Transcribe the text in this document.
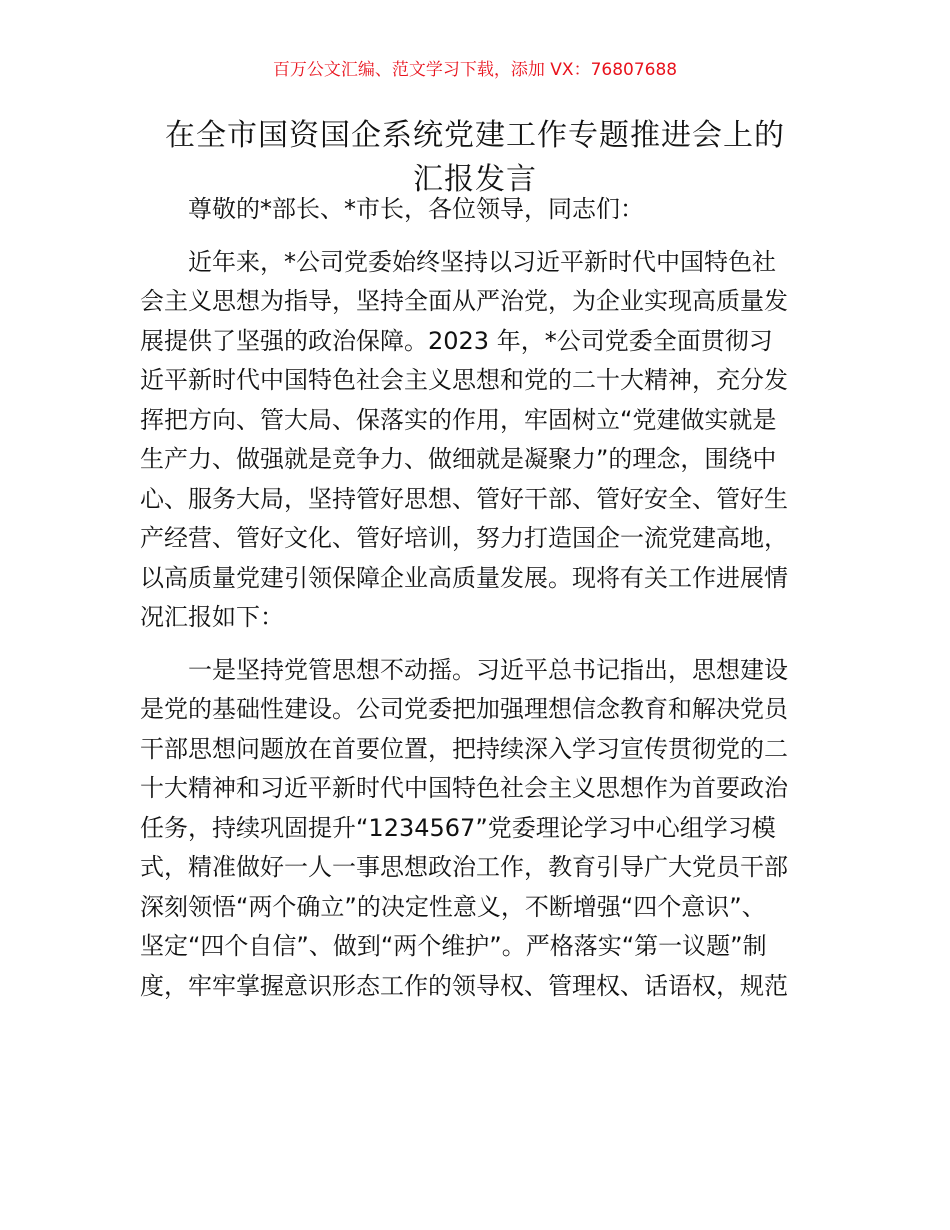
百万公文汇编、范文学习下载，添加 VX：76807688
在全市国资国企系统党建工作专题推进会上的
汇报发言
尊敬的*部长、*市长，各位领导，同志们：
近年来，*公司党委始终坚持以习近平新时代中国特色社
会主义思想为指导，坚持全面从严治党，为企业实现高质量发
展提供了坚强的政治保障。2023 年，*公司党委全面贯彻习
近平新时代中国特色社会主义思想和党的二十大精神，充分发
挥把方向、管大局、保落实的作用，牢固树立“党建做实就是
生产力、做强就是竞争力、做细就是凝聚力”的理念，围绕中
心、服务大局，坚持管好思想、管好干部、管好安全、管好生
产经营、管好文化、管好培训，努力打造国企一流党建高地，
以高质量党建引领保障企业高质量发展。现将有关工作进展情
况汇报如下：
一是坚持党管思想不动摇。习近平总书记指出，思想建设
是党的基础性建设。公司党委把加强理想信念教育和解决党员
干部思想问题放在首要位置，把持续深入学习宣传贯彻党的二
十大精神和习近平新时代中国特色社会主义思想作为首要政治
任务，持续巩固提升“1234567”党委理论学习中心组学习模
式，精准做好一人一事思想政治工作，教育引导广大党员干部
深刻领悟“两个确立”的决定性意义，不断增强“四个意识”、
坚定“四个自信”、做到“两个维护”。严格落实“第一议题”制
度，牢牢掌握意识形态工作的领导权、管理权、话语权，规范
